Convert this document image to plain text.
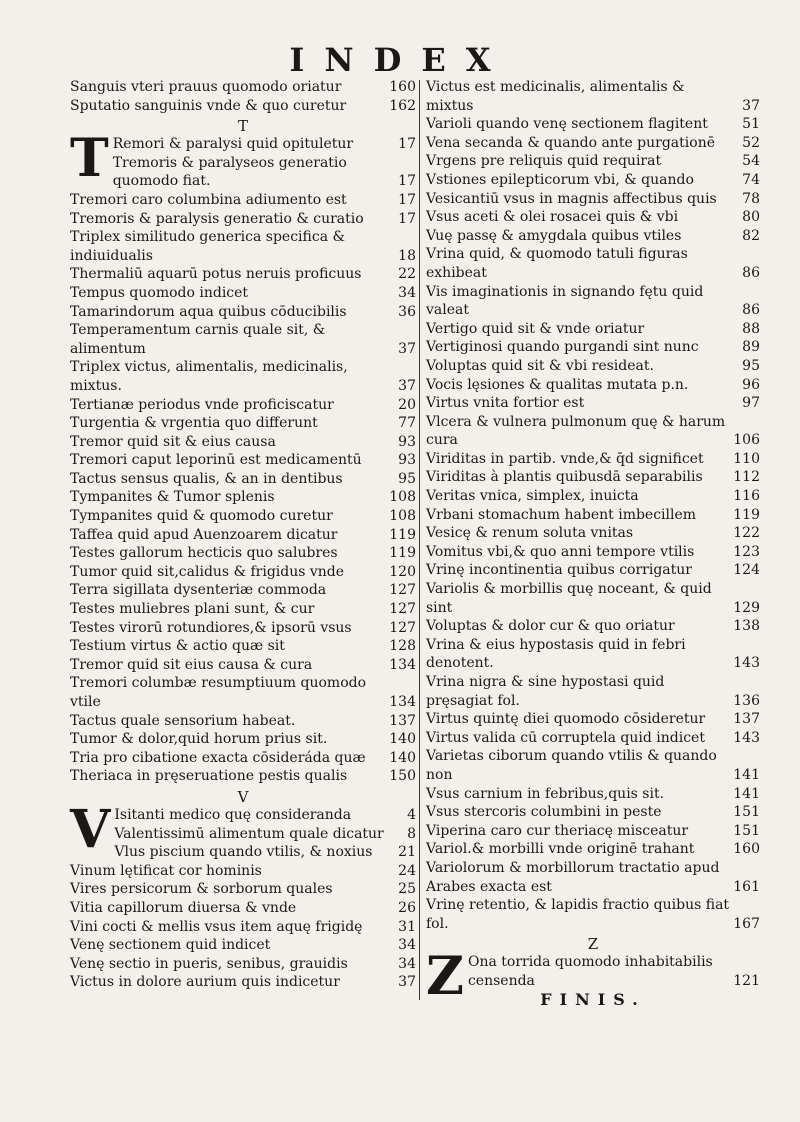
INDEX
Sanguis vteri prauus quomodo oriatur	160
Sputatio sanguinis vnde & quo curetur	162
T
T Remori & paralysi quid opituletur	17
Tremoris & paralyseos generatio quomodo fiat.	17
Tremori caro columbina adiumento est	17
Tremoris & paralysis generatio & curatio	17
Triplex similitudo generica specifica & indiuidualis	18
Thermaliū aquarū potus neruis proficuus	22
Tempus quomodo indicet	34
Tamarindorum aqua quibus cōducibilis	36
Temperamentum carnis quale sit, & alimentum	37
Triplex victus, alimentalis, medicinalis, mixtus.	37
Tertianæ periodus vnde proficiscatur	20
Turgentia & vrgentia quo differunt	77
Tremor quid sit & eius causa	93
Tremori caput leporinū est medicamentū	93
Tactus sensus qualis, & an in dentibus	95
Tympanites & Tumor splenis	108
Tympanites quid & quomodo curetur	108
Taffea quid apud Auenzoarem dicatur	119
Testes gallorum hecticis quo salubres	119
Tumor quid sit,calidus & frigidus vnde	120
Terra sigillata dysenteriæ commoda	127
Testes muliebres plani sunt, & cur	127
Testes virorū rotundiores,& ipsorū vsus	127
Testium virtus & actio quæ sit	128
Tremor quid sit eius causa & cura	134
Tremori columbæ resumptiuum quomodo vtile	134
Tactus quale sensorium habeat.	137
Tumor & dolor,quid horum prius sit.	140
Tria pro cibatione exacta cōsideráda quæ	140
Theriaca in pręseruatione pestis qualis	150
V
V Isitanti medico quę consideranda	4
Valentissimū alimentum quale dicatur	8
Vlus piscium quando vtilis, & noxius	21
Vinum lętificat cor hominis	24
Vires persicorum & sorborum quales	25
Vitia capillorum diuersa & vnde	26
Vini cocti & mellis vsus item aquę frigidę	31
Venę sectionem quid indicet	34
Venę sectio in pueris, senibus, grauidis	34
Victus in dolore aurium quis indicetur	37
Victus est medicinalis, alimentalis & mixtus	37
Varioli quando venę sectionem flagitent	51
Vena secanda & quando ante purgationē	52
Vrgens pre reliquis quid requirat	54
Vstiones epilepticorum vbi, & quando	74
Vesicantiū vsus in magnis affectibus quis	78
Vsus aceti & olei rosacei quis & vbi	80
Vuę passę & amygdala quibus vtiles	82
Vrina quid, & quomodo tatuli figuras exhibeat	86
Vis imaginationis in signando fętu quid valeat	86
Vertigo quid sit & vnde oriatur	88
Vertiginosi quando purgandi sint nunc	89
Voluptas quid sit & vbi resideat.	95
Vocis lęsiones & qualitas mutata p.n.	96
Virtus vnita fortior est	97
Vlcera & vulnera pulmonum quę & harum cura	106
Viriditas in partib. vnde,& q̄d significet	110
Viriditas à plantis quibusdā separabilis	112
Veritas vnica, simplex, inuicta	116
Vrbani stomachum habent imbecillem	119
Vesicę & renum soluta vnitas	122
Vomitus vbi,& quo anni tempore vtilis	123
Vrinę incontinentia quibus corrigatur	124
Variolis & morbillis quę noceant, & quid sint	129
Voluptas & dolor cur & quo oriatur	138
Vrina & eius hypostasis quid in febri denotent.	143
Vrina nigra & sine hypostasi quid pręsagiat fol.	136
Virtus quintę diei quomodo cōsideretur	137
Virtus valida cū corruptela quid indicet	143
Varietas ciborum quando vtilis & quando non	141
Vsus carnium in febribus,quis sit.	141
Vsus stercoris columbini in peste	151
Viperina caro cur theriacę misceatur	151
Variol.& morbilli vnde originē trahant	160
Variolorum & morbillorum tractatio apud Arabes exacta est	161
Vrinę retentio, & lapidis fractio quibus fiat fol.	167
Z
Z Ona torrida quomodo inhabitabilis censenda	121
FINIS.
